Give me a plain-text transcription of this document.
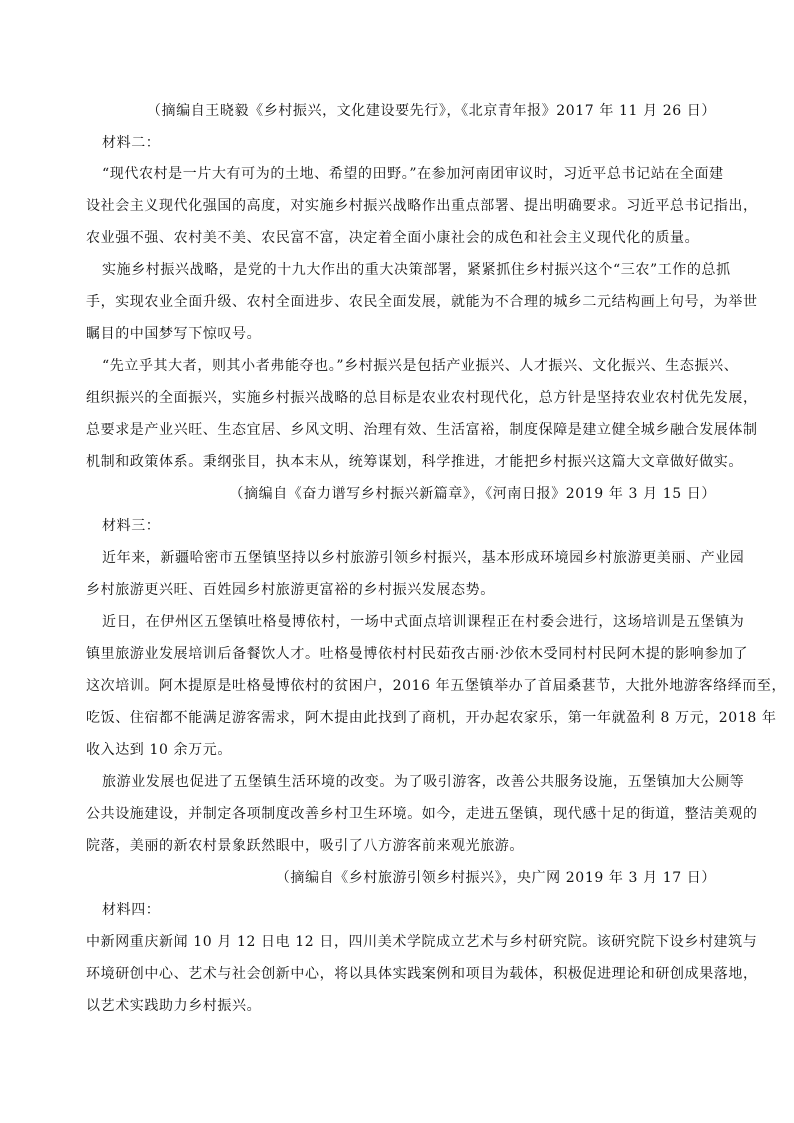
（摘编自王晓毅《乡村振兴，文化建设要先行》，《北京青年报》2017 年 11 月 26 日）
材料二：
“现代农村是一片大有可为的土地、希望的田野。”在参加河南团审议时，习近平总书记站在全面建
设社会主义现代化强国的高度，对实施乡村振兴战略作出重点部署、提出明确要求。习近平总书记指出，
农业强不强、农村美不美、农民富不富，决定着全面小康社会的成色和社会主义现代化的质量。
实施乡村振兴战略，是党的十九大作出的重大决策部署，紧紧抓住乡村振兴这个“三农”工作的总抓
手，实现农业全面升级、农村全面进步、农民全面发展，就能为不合理的城乡二元结构画上句号，为举世
瞩目的中国梦写下惊叹号。
“先立乎其大者，则其小者弗能夺也。”乡村振兴是包括产业振兴、人才振兴、文化振兴、生态振兴、
组织振兴的全面振兴，实施乡村振兴战略的总目标是农业农村现代化，总方针是坚持农业农村优先发展，
总要求是产业兴旺、生态宜居、乡风文明、治理有效、生活富裕，制度保障是建立健全城乡融合发展体制
机制和政策体系。秉纲张目，执本末从，统筹谋划，科学推进，才能把乡村振兴这篇大文章做好做实。
（摘编自《奋力谱写乡村振兴新篇章》，《河南日报》2019 年 3 月 15 日）
材料三：
近年来，新疆哈密市五堡镇坚持以乡村旅游引领乡村振兴，基本形成环境园乡村旅游更美丽、产业园
乡村旅游更兴旺、百姓园乡村旅游更富裕的乡村振兴发展态势。
近日，在伊州区五堡镇吐格曼博依村，一场中式面点培训课程正在村委会进行，这场培训是五堡镇为
镇里旅游业发展培训后备餐饮人才。吐格曼博依村村民茹孜古丽·沙依木受同村村民阿木提的影响参加了
这次培训。阿木提原是吐格曼博依村的贫困户，2016 年五堡镇举办了首届桑葚节，大批外地游客络绎而至，
吃饭、住宿都不能满足游客需求，阿木提由此找到了商机，开办起农家乐，第一年就盈利 8 万元，2018 年
收入达到 10 余万元。
旅游业发展也促进了五堡镇生活环境的改变。为了吸引游客，改善公共服务设施，五堡镇加大公厕等
公共设施建设，并制定各项制度改善乡村卫生环境。如今，走进五堡镇，现代感十足的街道，整洁美观的
院落，美丽的新农村景象跃然眼中，吸引了八方游客前来观光旅游。
（摘编自《乡村旅游引领乡村振兴》，央广网 2019 年 3 月 17 日）
材料四：
中新网重庆新闻 10 月 12 日电 12 日，四川美术学院成立艺术与乡村研究院。该研究院下设乡村建筑与
环境研创中心、艺术与社会创新中心，将以具体实践案例和项目为载体，积极促进理论和研创成果落地，
以艺术实践助力乡村振兴。
